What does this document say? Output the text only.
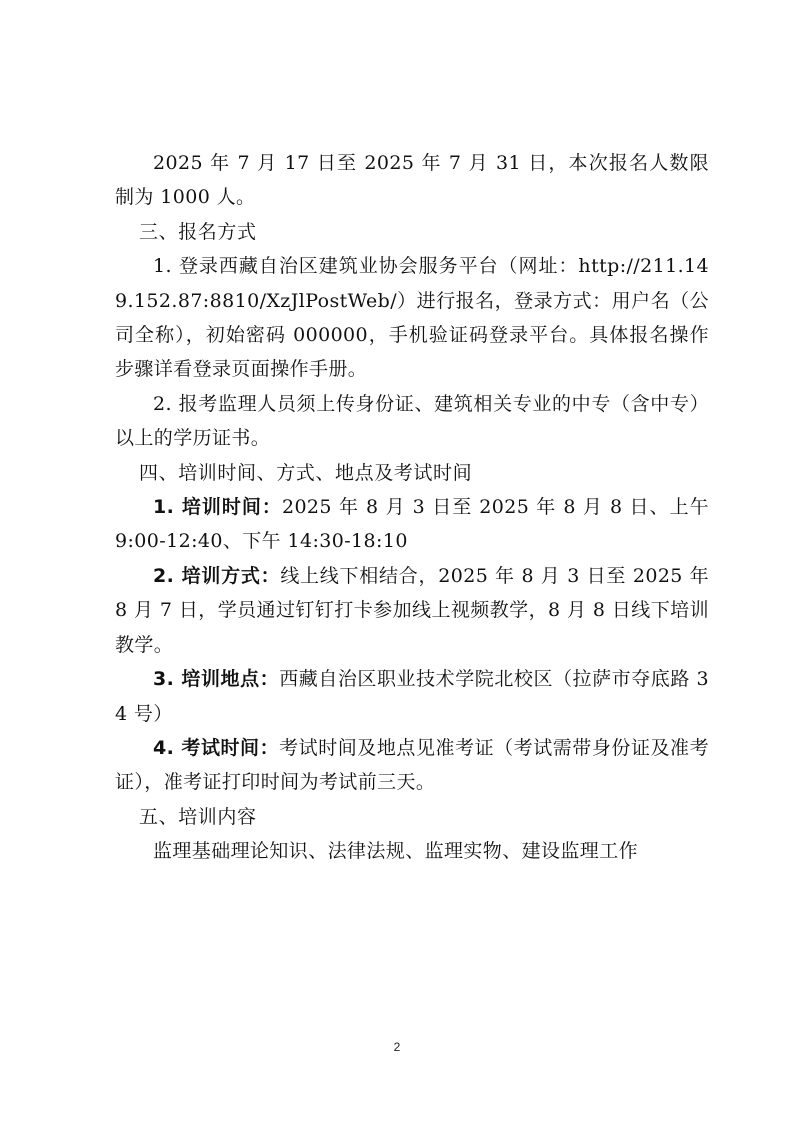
2025 年 7 月 17 日至 2025 年 7 月 31 日，本次报名人数限制为 1000 人。

三、报名方式

1. 登录西藏自治区建筑业协会服务平台（网址：http://211.149.152.87:8810/XzJlPostWeb/）进行报名，登录方式：用户名（公司全称），初始密码 000000，手机验证码登录平台。具体报名操作步骤详看登录页面操作手册。

2. 报考监理人员须上传身份证、建筑相关专业的中专（含中专）以上的学历证书。

四、培训时间、方式、地点及考试时间

1. 培训时间：2025 年 8 月 3 日至 2025 年 8 月 8 日、上午 9:00-12:40、下午 14:30-18:10

2. 培训方式：线上线下相结合，2025 年 8 月 3 日至 2025 年 8 月 7 日，学员通过钉钉打卡参加线上视频教学，8 月 8 日线下培训教学。

3. 培训地点：西藏自治区职业技术学院北校区（拉萨市夺底路 34 号）

4. 考试时间：考试时间及地点见准考证（考试需带身份证及准考证），准考证打印时间为考试前三天。

五、培训内容

监理基础理论知识、法律法规、监理实物、建设监理工作

2
